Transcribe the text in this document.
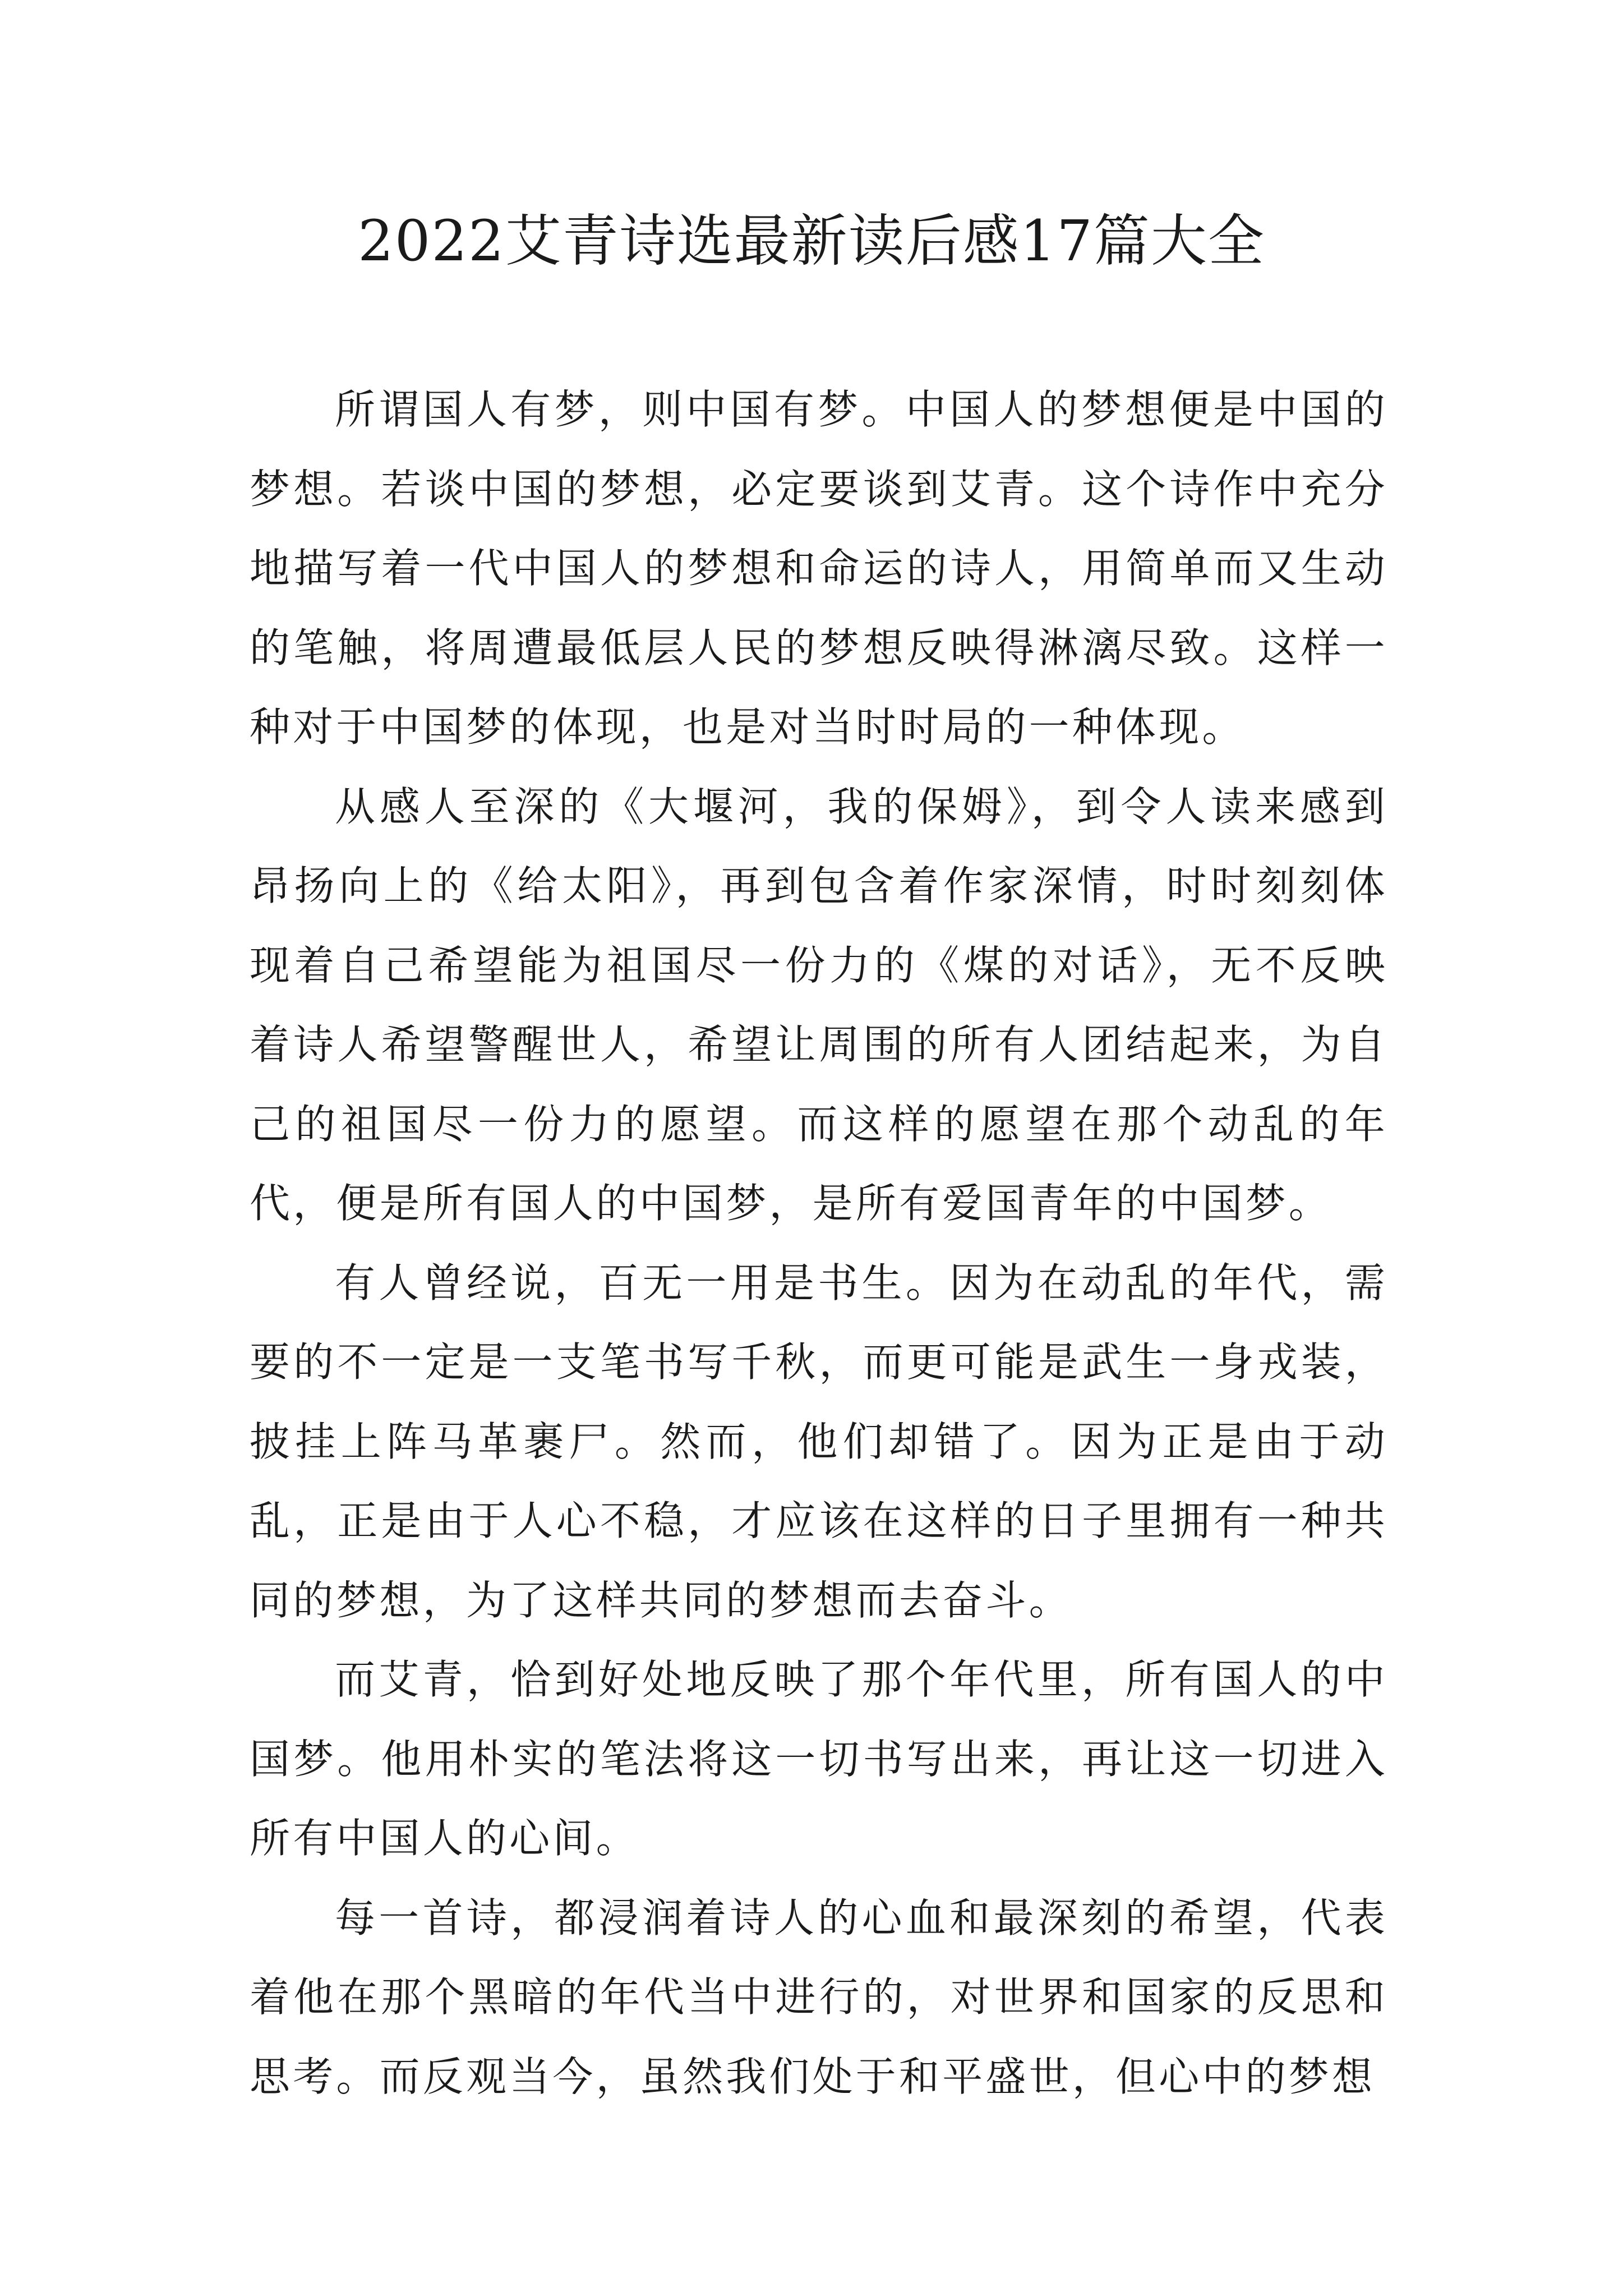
2022艾青诗选最新读后感17篇大全

所谓国人有梦，则中国有梦。中国人的梦想便是中国的梦想。若谈中国的梦想，必定要谈到艾青。这个诗作中充分地描写着一代中国人的梦想和命运的诗人，用简单而又生动的笔触，将周遭最低层人民的梦想反映得淋漓尽致。这样一种对于中国梦的体现，也是对当时时局的一种体现。

从感人至深的《大堰河，我的保姆》，到令人读来感到昂扬向上的《给太阳》，再到包含着作家深情，时时刻刻体现着自己希望能为祖国尽一份力的《煤的对话》，无不反映着诗人希望警醒世人，希望让周围的所有人团结起来，为自己的祖国尽一份力的愿望。而这样的愿望在那个动乱的年代，便是所有国人的中国梦，是所有爱国青年的中国梦。

有人曾经说，百无一用是书生。因为在动乱的年代，需要的不一定是一支笔书写千秋，而更可能是武生一身戎装，披挂上阵马革裹尸。然而，他们却错了。因为正是由于动乱，正是由于人心不稳，才应该在这样的日子里拥有一种共同的梦想，为了这样共同的梦想而去奋斗。

而艾青，恰到好处地反映了那个年代里，所有国人的中国梦。他用朴实的笔法将这一切书写出来，再让这一切进入所有中国人的心间。

每一首诗，都浸润着诗人的心血和最深刻的希望，代表着他在那个黑暗的年代当中进行的，对世界和国家的反思和思考。而反观当今，虽然我们处于和平盛世，但心中的梦想
